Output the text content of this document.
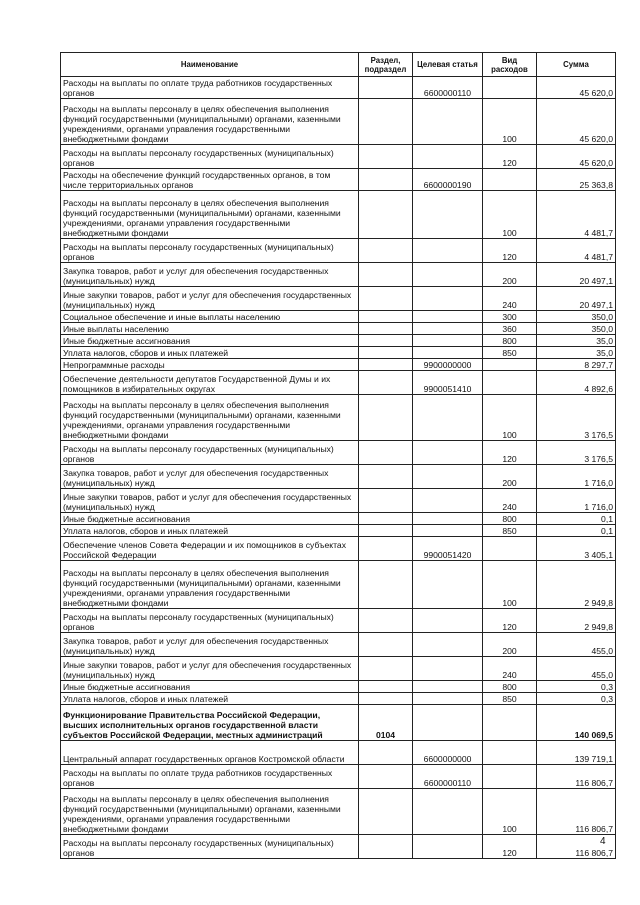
Наименование	Раздел, подраздел	Целевая статья	Вид расходов	Сумма
Расходы на выплаты по оплате труда работников государственных органов		6600000110		45 620,0
Расходы на выплаты персоналу в целях обеспечения выполнения функций государственными (муниципальными) органами, казенными учреждениями, органами управления государственными внебюджетными фондами			100	45 620,0
Расходы на выплаты персоналу государственных (муниципальных) органов			120	45 620,0
Расходы на обеспечение функций государственных органов, в том числе территориальных органов		6600000190		25 363,8
Расходы на выплаты персоналу в целях обеспечения выполнения функций государственными (муниципальными) органами, казенными учреждениями, органами управления государственными внебюджетными фондами			100	4 481,7
Расходы на выплаты персоналу государственных (муниципальных) органов			120	4 481,7
Закупка товаров, работ и услуг для обеспечения государственных (муниципальных) нужд			200	20 497,1
Иные закупки товаров, работ и услуг для обеспечения государственных (муниципальных) нужд			240	20 497,1
Социальное обеспечение и иные выплаты населению			300	350,0
Иные выплаты населению			360	350,0
Иные бюджетные ассигнования			800	35,0
Уплата налогов, сборов и иных платежей			850	35,0
Непрограммные расходы		9900000000		8 297,7
Обеспечение деятельности депутатов Государственной Думы и их помощников в избирательных округах		9900051410		4 892,6
Расходы на выплаты персоналу в целях обеспечения выполнения функций государственными (муниципальными) органами, казенными учреждениями, органами управления государственными внебюджетными фондами			100	3 176,5
Расходы на выплаты персоналу государственных (муниципальных) органов			120	3 176,5
Закупка товаров, работ и услуг для обеспечения государственных (муниципальных) нужд			200	1 716,0
Иные закупки товаров, работ и услуг для обеспечения государственных (муниципальных) нужд			240	1 716,0
Иные бюджетные ассигнования			800	0,1
Уплата налогов, сборов и иных платежей			850	0,1
Обеспечение членов Совета Федерации и их помощников в субъектах Российской Федерации		9900051420		3 405,1
Расходы на выплаты персоналу в целях обеспечения выполнения функций государственными (муниципальными) органами, казенными учреждениями, органами управления государственными внебюджетными фондами			100	2 949,8
Расходы на выплаты персоналу государственных (муниципальных) органов			120	2 949,8
Закупка товаров, работ и услуг для обеспечения государственных (муниципальных) нужд			200	455,0
Иные закупки товаров, работ и услуг для обеспечения государственных (муниципальных) нужд			240	455,0
Иные бюджетные ассигнования			800	0,3
Уплата налогов, сборов и иных платежей			850	0,3
Функционирование Правительства Российской Федерации, высших исполнительных органов государственной власти субъектов Российской Федерации, местных администраций	0104			140 069,5
Центральный аппарат государственных органов Костромской области		6600000000		139 719,1
Расходы на выплаты по оплате труда работников государственных органов		6600000110		116 806,7
Расходы на выплаты персоналу в целях обеспечения выполнения функций государственными (муниципальными) органами, казенными учреждениями, органами управления государственными внебюджетными фондами			100	116 806,7
Расходы на выплаты персоналу государственных (муниципальных) органов			120	116 806,7
4
